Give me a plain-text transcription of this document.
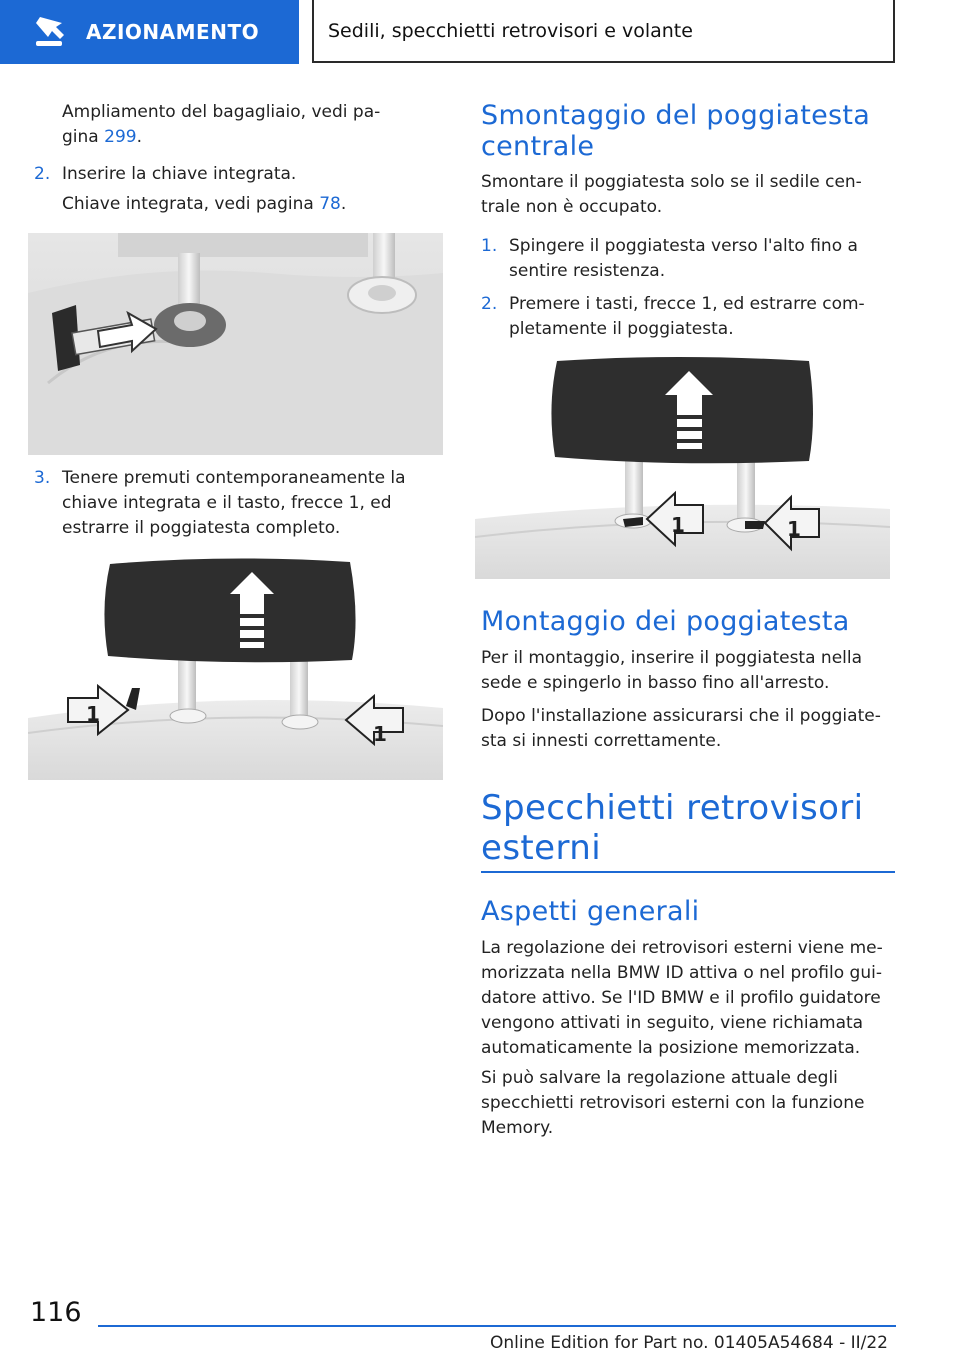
AZIONAMENTO	Sedili, specchietti retrovisori e volante
Ampliamento del bagagliaio, vedi pa-
gina 299.
2. Inserire la chiave integrata.
Chiave integrata, vedi pagina 78.
3. Tenere premuti contemporaneamente la
chiave integrata e il tasto, frecce 1, ed
estrarre il poggiatesta completo.
1
1
Smontaggio del poggiatesta
centrale
Smontare il poggiatesta solo se il sedile cen-
trale non è occupato.
1. Spingere il poggiatesta verso l'alto fino a
sentire resistenza.
2. Premere i tasti, frecce 1, ed estrarre com-
pletamente il poggiatesta.
1	1
Montaggio dei poggiatesta
Per il montaggio, inserire il poggiatesta nella
sede e spingerlo in basso fino all'arresto.
Dopo l'installazione assicurarsi che il poggiate-
sta si innesti correttamente.
Specchietti retrovisori
esterni
Aspetti generali
La regolazione dei retrovisori esterni viene me-
morizzata nella BMW ID attiva o nel profilo gui-
datore attivo. Se l'ID BMW e il profilo guidatore
vengono attivati in seguito, viene richiamata
automaticamente la posizione memorizzata.
Si può salvare la regolazione attuale degli
specchietti retrovisori esterni con la funzione
Memory.
116
Online Edition for Part no. 01405A54684 - II/22
